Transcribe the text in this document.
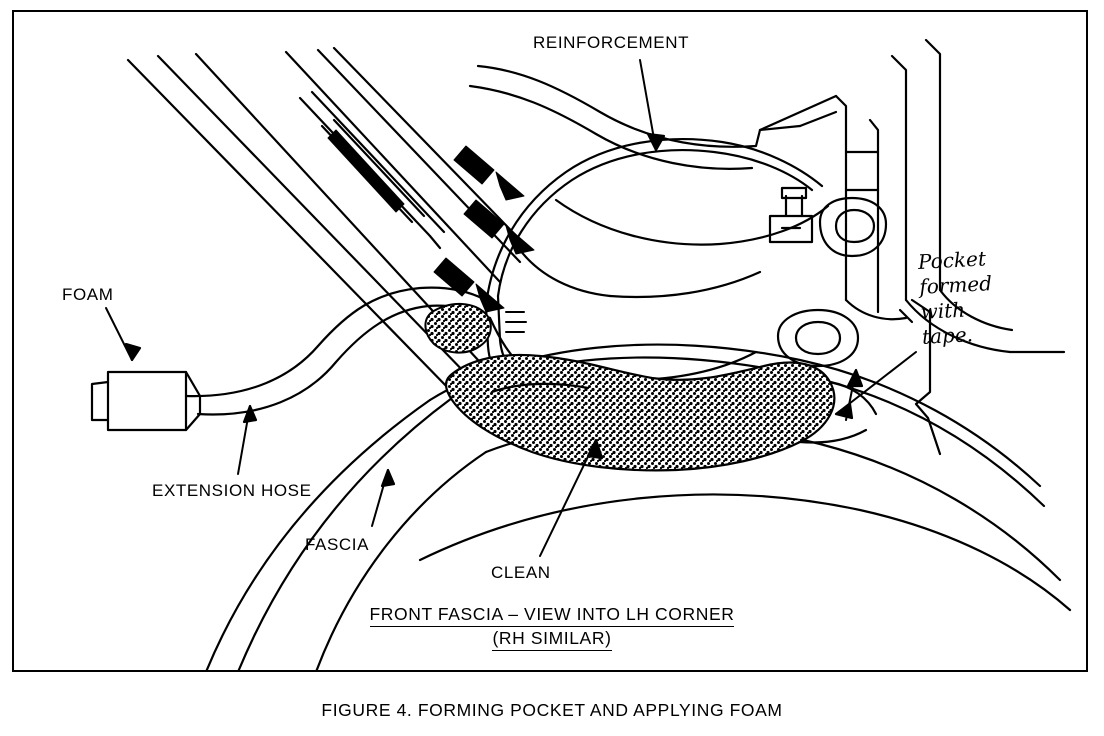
REINFORCEMENT
FOAM
EXTENSION HOSE
FASCIA
CLEAN
Pocket
formed
with
tape.
FRONT FASCIA – VIEW INTO LH CORNER
(RH SIMILAR)
FIGURE 4. FORMING POCKET AND APPLYING FOAM
